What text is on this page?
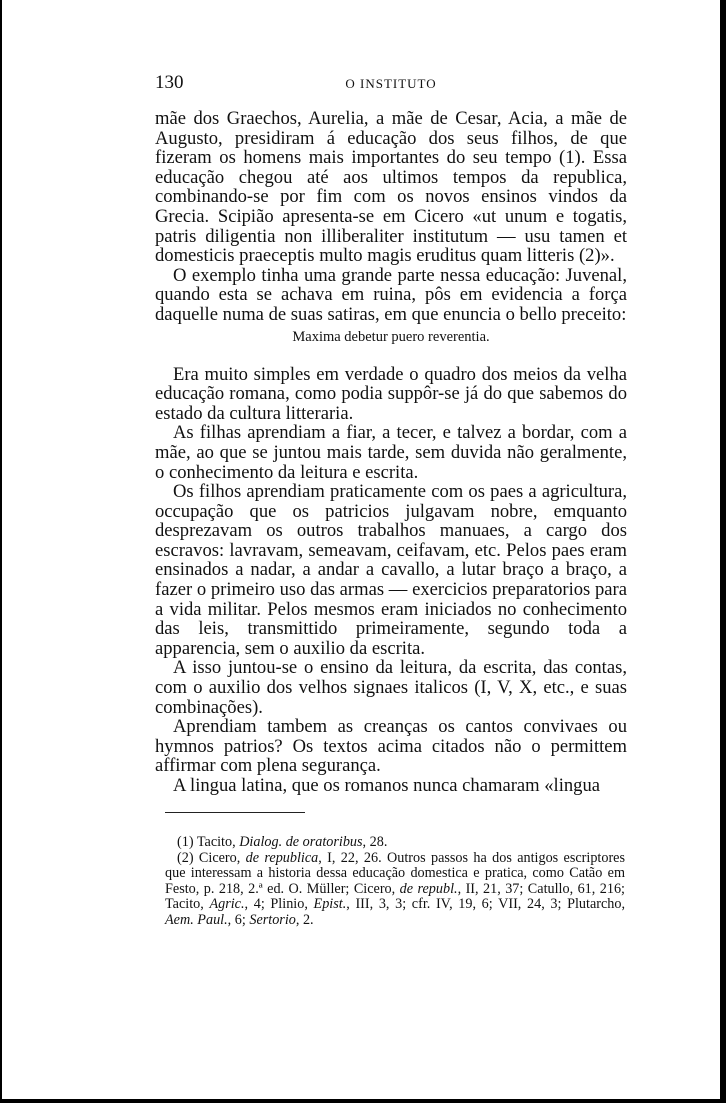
130	O INSTITUTO

mãe dos Graechos, Aurelia, a mãe de Cesar, Acia, a mãe de Augusto, presidiram á educação dos seus filhos, de que fizeram os homens mais importantes do seu tempo (1). Essa educação chegou até aos ultimos tempos da republica, combinando-se por fim com os novos ensinos vindos da Grecia. Scipião apresenta-se em Cicero «ut unum e togatis, patris diligentia non illiberaliter institutum — usu tamen et domesticis praeceptis multo magis eruditus quam litteris (2)».

O exemplo tinha uma grande parte nessa educação: Juvenal, quando esta se achava em ruina, pôs em evidencia a força daquelle numa de suas satiras, em que enuncia o bello preceito:

Maxima debetur puero reverentia.

Era muito simples em verdade o quadro dos meios da velha educação romana, como podia suppôr-se já do que sabemos do estado da cultura litteraria.

As filhas aprendiam a fiar, a tecer, e talvez a bordar, com a mãe, ao que se juntou mais tarde, sem duvida não geralmente, o conhecimento da leitura e escrita.

Os filhos aprendiam praticamente com os paes a agricultura, occupação que os patricios julgavam nobre, emquanto desprezavam os outros trabalhos manuaes, a cargo dos escravos: lavravam, semeavam, ceifavam, etc. Pelos paes eram ensinados a nadar, a andar a cavallo, a lutar braço a braço, a fazer o primeiro uso das armas — exercicios preparatorios para a vida militar. Pelos mesmos eram iniciados no conhecimento das leis, transmittido primeiramente, segundo toda a apparencia, sem o auxilio da escrita.

A isso juntou-se o ensino da leitura, da escrita, das contas, com o auxilio dos velhos signaes italicos (I, V, X, etc., e suas combinações).

Aprendiam tambem as creanças os cantos convivaes ou hymnos patrios? Os textos acima citados não o permittem affirmar com plena segurança.

A lingua latina, que os romanos nunca chamaram «lingua

(1) Tacito, Dialog. de oratoribus, 28.

(2) Cicero, de republica, I, 22, 26. Outros passos ha dos antigos escriptores que interessam a historia dessa educação domestica e pratica, como Catão em Festo, p. 218, 2.ª ed. O. Müller; Cicero, de republ., II, 21, 37; Catullo, 61, 216; Tacito, Agric., 4; Plinio, Epist., III, 3, 3; cfr. IV, 19, 6; VII, 24, 3; Plutarcho, Aem. Paul., 6; Sertorio, 2.
